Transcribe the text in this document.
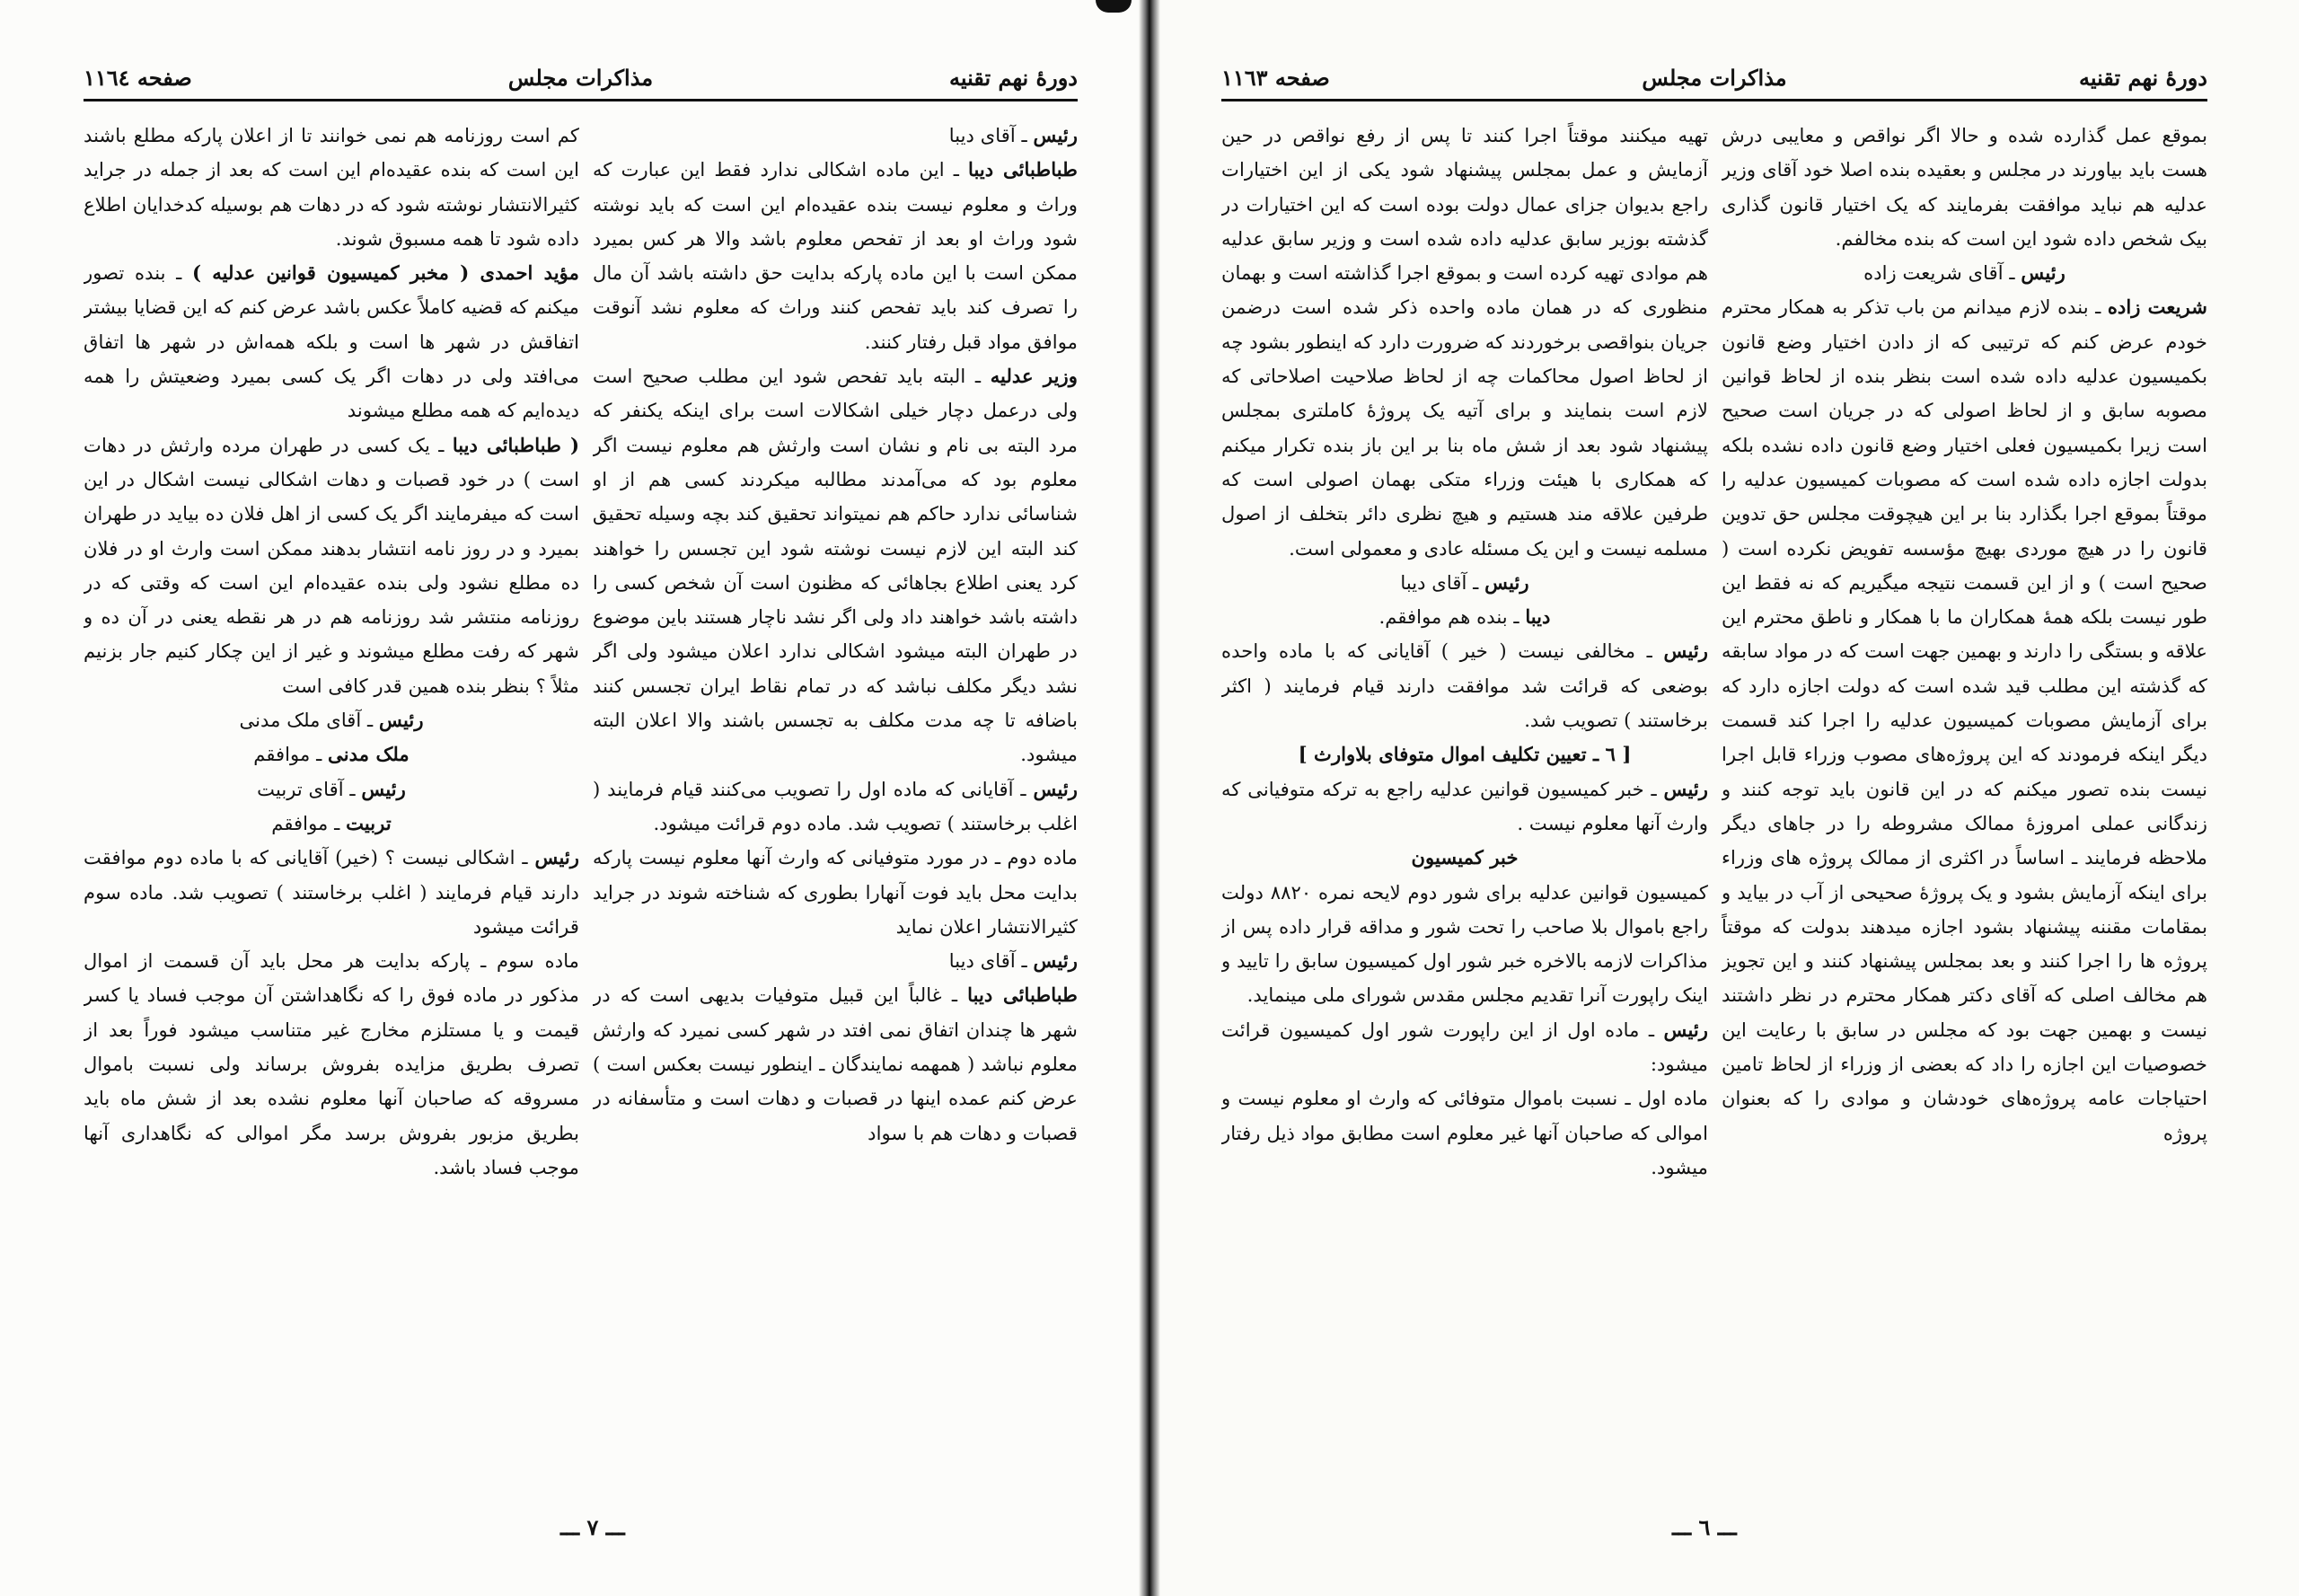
دورهٔ نهم تقنیه
مذاکرات مجلس
صفحه ۱۱٦٤

رئیس ـ آقای دیبا

طباطبائی دیبا ـ این ماده اشکالی ندارد فقط این عبارت که وراث و معلوم نیست بنده عقیده‌ام این است که باید نوشته شود وراث او بعد از تفحص معلوم باشد والا هر کس بمیرد ممکن است با این ماده پارکه بدایت حق داشته باشد آن مال را تصرف کند باید تفحص کنند وراث که معلوم نشد آنوقت موافق مواد قبل رفتار کنند.

وزیر عدلیه ـ البته باید تفحص شود این مطلب صحیح است ولی درعمل دچار خیلی اشکالات است برای اینکه یکنفر که مرد البته بی نام و نشان است وارثش هم معلوم نیست اگر معلوم بود که می‌آمدند مطالبه میکردند کسی هم از او شناسائی ندارد حاکم هم نمیتواند تحقیق کند بچه وسیله تحقیق کند البته این لازم نیست نوشته شود این تجسس را خواهند کرد یعنی اطلاع بجاهائی که مظنون است آن شخص کسی را داشته باشد خواهند داد ولی اگر نشد ناچار هستند باین موضوع در طهران البته میشود اشکالی ندارد اعلان میشود ولی اگر نشد دیگر مکلف نباشد که در تمام نقاط ایران تجسس کنند باضافه تا چه مدت مکلف به تجسس باشند والا اعلان البته میشود.

رئیس ـ آقایانی که ماده اول را تصویب می‌کنند قیام فرمایند ( اغلب برخاستند ) تصویب شد. ماده دوم قرائت میشود.

ماده دوم ـ در مورد متوفیانی که وارث آنها معلوم نیست پارکه بدایت محل باید فوت آنهارا بطوری که شناخته شوند در جراید کثیرالانتشار اعلان نماید

رئیس ـ آقای دیبا

طباطبائی دیبا ـ غالباً این قبیل متوفیات بدیهی است که در شهر ها چندان اتفاق نمی افتد در شهر کسی نمیرد که وارثش معلوم نباشد ( همهمه نمایندگان ـ اینطور نیست بعکس است ) عرض کنم عمده اینها در قصبات و دهات است و متأسفانه در قصبات و دهات هم با سواد

کم است روزنامه هم نمی خوانند تا از اعلان پارکه مطلع باشند این است که بنده عقیده‌ام این است که بعد از جمله در جراید کثیرالانتشار نوشته شود که در دهات هم بوسیله کدخدایان اطلاع داده شود تا همه مسبوق شوند.

مؤید احمدی ( مخبر کمیسیون قوانین عدلیه ) ـ بنده تصور میکنم که قضیه کاملاً عکس باشد عرض کنم که این قضایا بیشتر اتفاقش در شهر ها است و بلکه همه‌اش در شهر ها اتفاق می‌افتد ولی در دهات اگر یک کسی بمیرد وضعیتش را همه دیده‌ایم که همه مطلع میشوند

( طباطبائی دیبا ـ یک کسی در طهران مرده وارثش در دهات است ) در خود قصبات و دهات اشکالی نیست اشکال در این است که میفرمایند اگر یک کسی از اهل فلان ده بیاید در طهران بمیرد و در روز نامه انتشار بدهند ممکن است وارث او در فلان ده مطلع نشود ولی بنده عقیده‌ام این است که وقتی که در روزنامه منتشر شد روزنامه هم در هر نقطه یعنی در آن ده و شهر که رفت مطلع میشوند و غیر از این چکار کنیم جار بزنیم مثلاً ؟ بنظر بنده همین قدر کافی است

رئیس ـ آقای ملک مدنی

ملک مدنی ـ موافقم

رئیس ـ آقای تربیت

تربیت ـ موافقم

رئیس ـ اشکالی نیست ؟ (خیر) آقایانی که با ماده دوم موافقت دارند قیام فرمایند ( اغلب برخاستند ) تصویب شد. ماده سوم قرائت میشود

ماده سوم ـ پارکه بدایت هر محل باید آن قسمت از اموال مذکور در ماده فوق را که نگاهداشتن آن موجب فساد یا کسر قیمت و یا مستلزم مخارج غیر متناسب میشود فوراً بعد از تصرف بطریق مزایده بفروش برساند ولی نسبت باموال مسروقه که صاحبان آنها معلوم نشده بعد از شش ماه باید بطریق مزبور بفروش برسد مگر اموالی که نگاهداری آنها موجب فساد باشد.

ـــ ٧ ـــ
دورهٔ نهم تقنیه
مذاکرات مجلس
صفحه ۱۱٦٣

بموقع عمل گذارده شده و حالا اگر نواقص و معایبی درش هست باید بیاورند در مجلس و بعقیده بنده اصلا خود آقای وزیر عدلیه هم نباید موافقت بفرمایند که یک اختیار قانون گذاری بیک شخص داده شود این است که بنده مخالفم.

رئیس ـ آقای شریعت زاده

شریعت زاده ـ بنده لازم میدانم من باب تذکر به همکار محترم خودم عرض کنم که ترتیبی که از دادن اختیار وضع قانون بکمیسیون عدلیه داده شده است بنظر بنده از لحاظ قوانین مصوبه سابق و از لحاظ اصولی که در جریان است صحیح است زیرا بکمیسیون فعلی اختیار وضع قانون داده نشده بلکه بدولت اجازه داده شده است که مصوبات کمیسیون عدلیه را موقتاً بموقع اجرا بگذارد بنا بر این هیچوقت مجلس حق تدوین قانون را در هیچ موردی بهیچ مؤسسه تفویض نکرده است ( صحیح است ) و از این قسمت نتیجه میگیریم که نه فقط این طور نیست بلکه همهٔ همکاران ما با همکار و ناطق محترم این علاقه و بستگی را دارند و بهمین جهت است که در مواد سابقه که گذشته این مطلب قید شده است که دولت اجازه دارد که برای آزمایش مصوبات کمیسیون عدلیه را اجرا کند قسمت دیگر اینکه فرمودند که این پروژه‌های مصوب وزراء قابل اجرا نیست بنده تصور میکنم که در این قانون باید توجه کنند و زندگانی عملی امروزهٔ ممالک مشروطه را در جاهای دیگر ملاحظه فرمایند ـ اساساً در اکثری از ممالک پروژه های وزراء برای اینکه آزمایش بشود و یک پروژهٔ صحیحی از آب در بیاید و بمقامات مقننه پیشنهاد بشود اجازه میدهند بدولت که موقتاً پروژه ها را اجرا کنند و بعد بمجلس پیشنهاد کنند و این تجویز هم مخالف اصلی که آقای دکتر همکار محترم در نظر داشتند نیست و بهمین جهت بود که مجلس در سابق با رعایت این خصوصیات این اجازه را داد که بعضی از وزراء از لحاظ تامین احتیاجات عامه پروژه‌های خودشان و موادی را که بعنوان پروژه

تهیه میکنند موقتاً اجرا کنند تا پس از رفع نواقص در حین آزمایش و عمل بمجلس پیشنهاد شود یکی از این اختیارات راجع بدیوان جزای عمال دولت بوده است که این اختیارات در گذشته بوزیر سابق عدلیه داده شده است و وزیر سابق عدلیه هم موادی تهیه کرده است و بموقع اجرا گذاشته است و بهمان منظوری که در همان ماده واحده ذکر شده است درضمن جریان بنواقصی برخوردند که ضرورت دارد که اینطور بشود چه از لحاظ اصول محاکمات چه از لحاظ صلاحیت اصلاحاتی که لازم است بنمایند و برای آتیه یک پروژهٔ کاملتری بمجلس پیشنهاد شود بعد از شش ماه بنا بر این باز بنده تکرار میکنم که همکاری با هیئت وزراء متکی بهمان اصولی است که طرفین علاقه مند هستیم و هیچ نظری دائر بتخلف از اصول مسلمه نیست و این یک مسئله عادی و معمولی است.

رئیس ـ آقای دیبا

دیبا ـ بنده هم موافقم.

رئیس ـ مخالفی نیست ( خیر ) آقایانی که با ماده واحده بوضعی که قرائت شد موافقت دارند قیام فرمایند ( اکثر برخاستند ) تصویب شد.

[ ٦ ـ تعیین تکلیف اموال متوفای بلاوارث ]

رئیس ـ خبر کمیسیون قوانین عدلیه راجع به ترکه متوفیانی که وارث آنها معلوم نیست .

خبر کمیسیون

کمیسیون قوانین عدلیه برای شور دوم لایحه نمره ۸۸۲۰ دولت راجع باموال بلا صاحب را تحت شور و مداقه قرار داده پس از مذاکرات لازمه بالاخره خبر شور اول کمیسیون سابق را تایید و اینک راپورت آنرا تقدیم مجلس مقدس شورای ملی مینماید.

رئیس ـ ماده اول از این راپورت شور اول کمیسیون قرائت میشود:

ماده اول ـ نسبت باموال متوفائی که وارث او معلوم نیست و اموالی که صاحبان آنها غیر معلوم است مطابق مواد ذیل رفتار میشود.

ـــ ٦ ـــ
